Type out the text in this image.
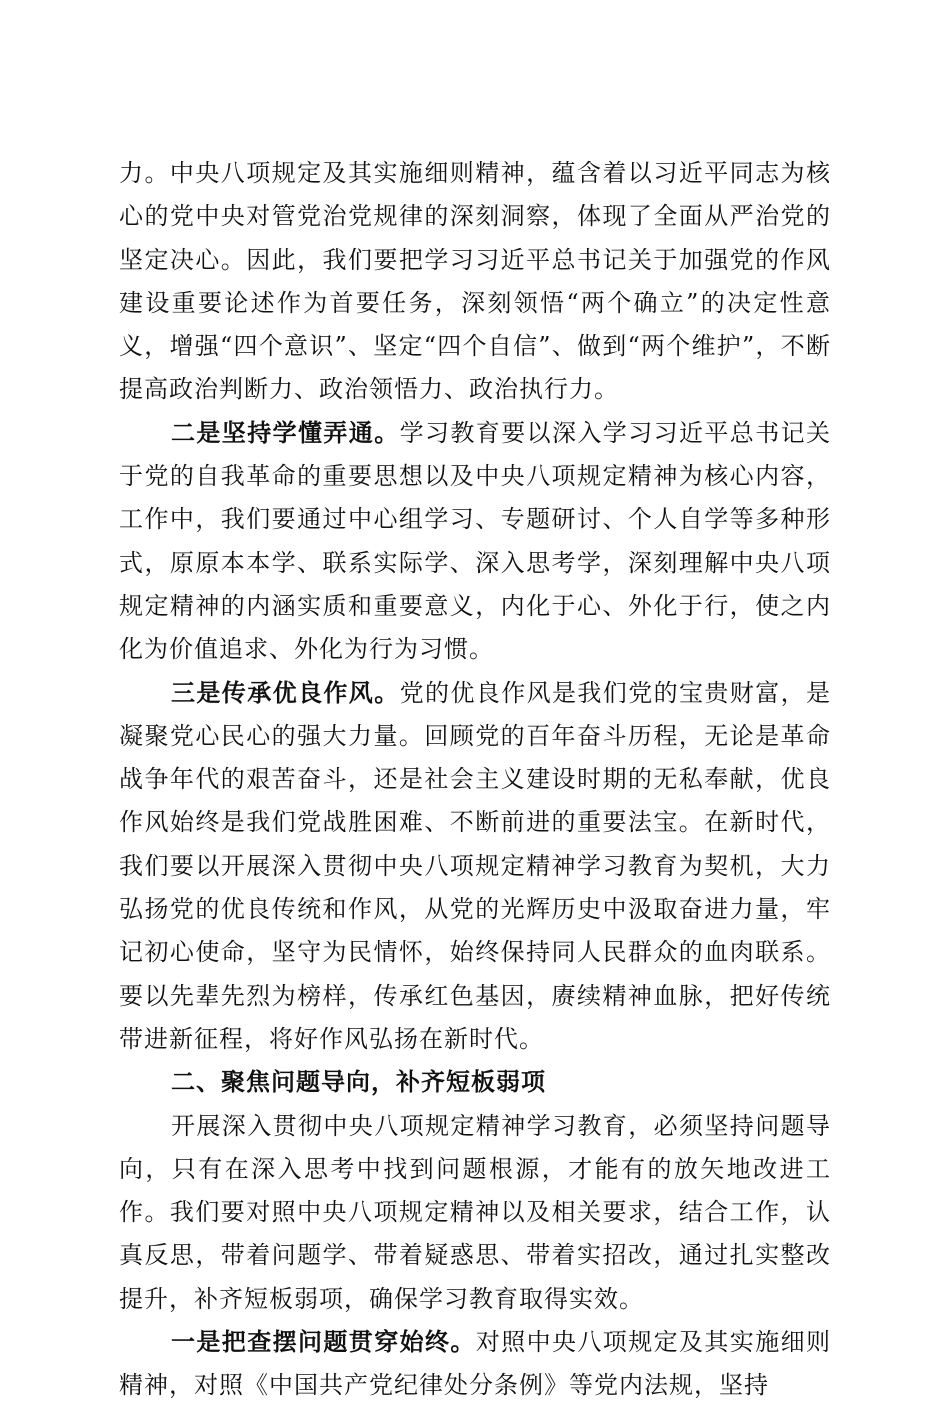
力。中央八项规定及其实施细则精神，蕴含着以习近平同志为核心的党中央对管党治党规律的深刻洞察，体现了全面从严治党的坚定决心。因此，我们要把学习习近平总书记关于加强党的作风建设重要论述作为首要任务，深刻领悟“两个确立”的决定性意义，增强“四个意识”、坚定“四个自信”、做到“两个维护”，不断提高政治判断力、政治领悟力、政治执行力。

二是坚持学懂弄通。学习教育要以深入学习习近平总书记关于党的自我革命的重要思想以及中央八项规定精神为核心内容，工作中，我们要通过中心组学习、专题研讨、个人自学等多种形式，原原本本学、联系实际学、深入思考学，深刻理解中央八项规定精神的内涵实质和重要意义，内化于心、外化于行，使之内化为价值追求、外化为行为习惯。

三是传承优良作风。党的优良作风是我们党的宝贵财富，是凝聚党心民心的强大力量。回顾党的百年奋斗历程，无论是革命战争年代的艰苦奋斗，还是社会主义建设时期的无私奉献，优良作风始终是我们党战胜困难、不断前进的重要法宝。在新时代，我们要以开展深入贯彻中央八项规定精神学习教育为契机，大力弘扬党的优良传统和作风，从党的光辉历史中汲取奋进力量，牢记初心使命，坚守为民情怀，始终保持同人民群众的血肉联系。要以先辈先烈为榜样，传承红色基因，赓续精神血脉，把好传统带进新征程，将好作风弘扬在新时代。

二、聚焦问题导向，补齐短板弱项

开展深入贯彻中央八项规定精神学习教育，必须坚持问题导向，只有在深入思考中找到问题根源，才能有的放矢地改进工作。我们要对照中央八项规定精神以及相关要求，结合工作，认真反思，带着问题学、带着疑惑思、带着实招改，通过扎实整改提升，补齐短板弱项，确保学习教育取得实效。

一是把查摆问题贯穿始终。对照中央八项规定及其实施细则精神，对照《中国共产党纪律处分条例》等党内法规，坚持
